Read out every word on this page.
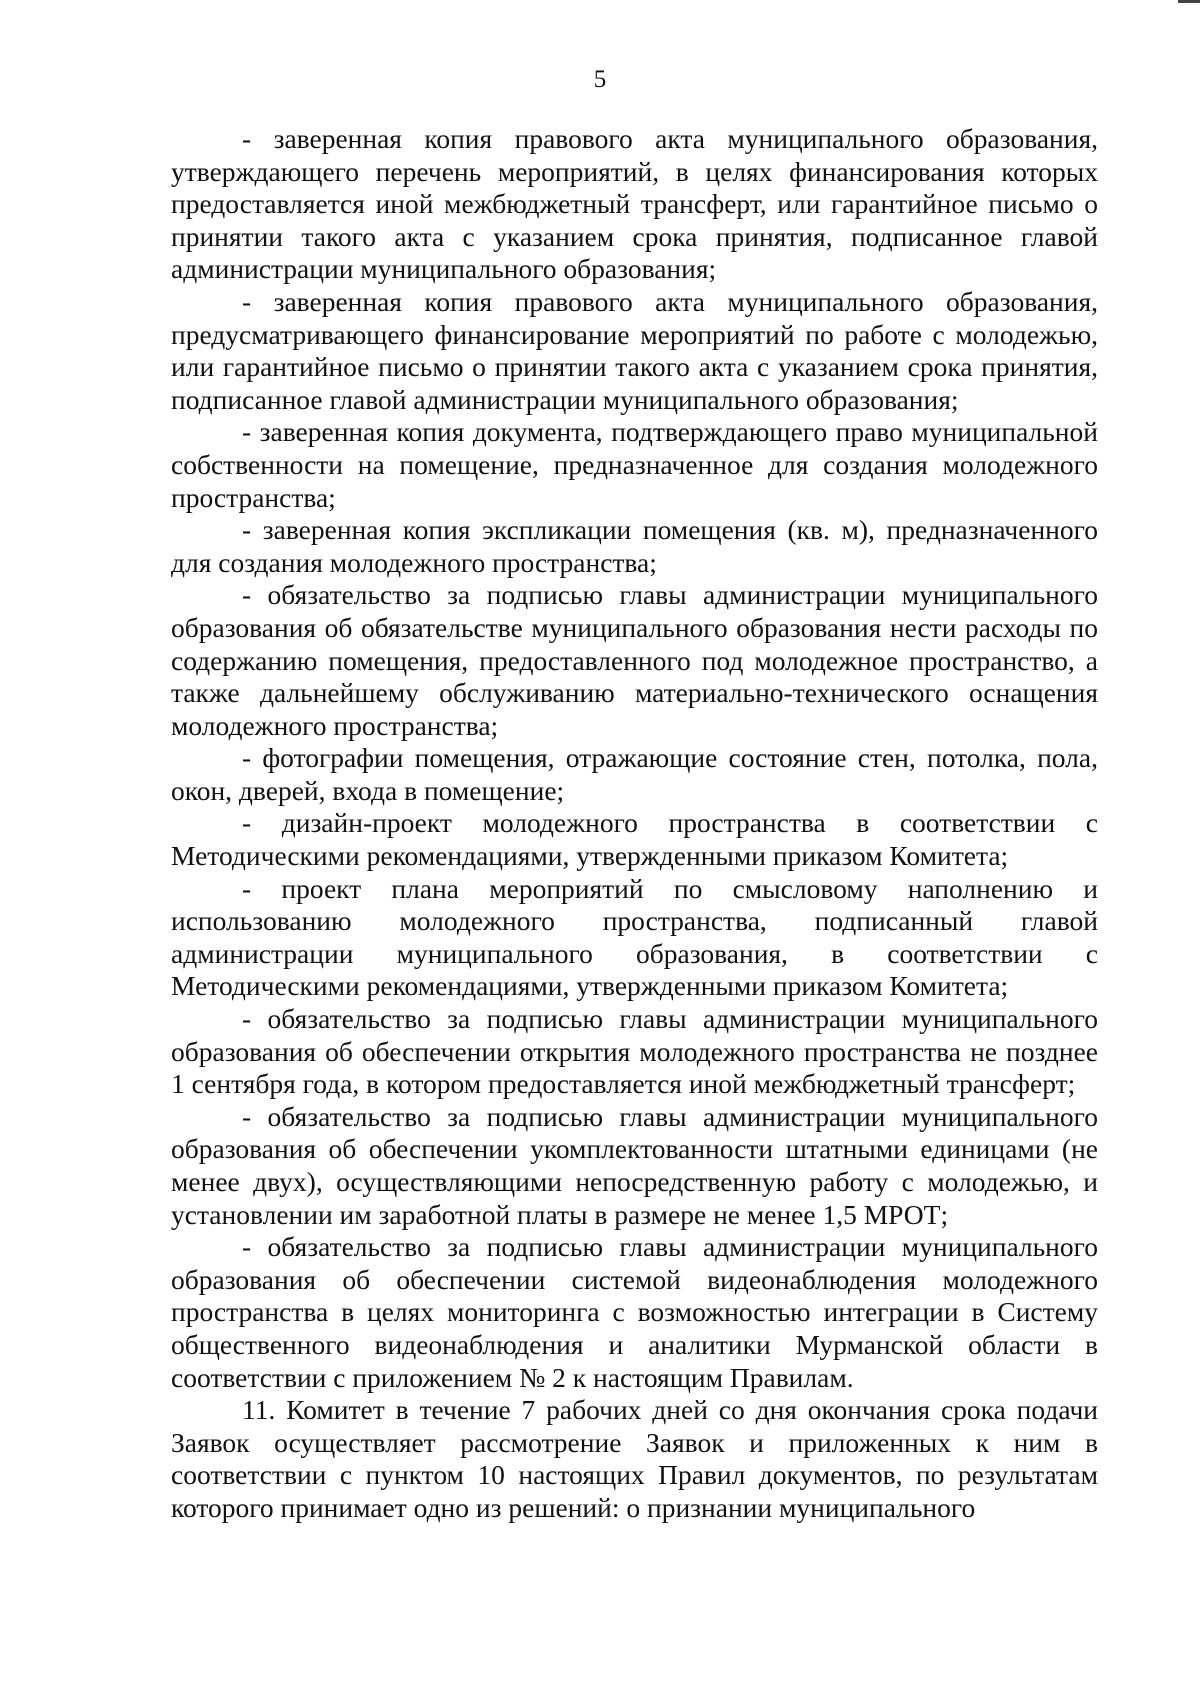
5

- заверенная копия правового акта муниципального образования, утверждающего перечень мероприятий, в целях финансирования которых предоставляется иной межбюджетный трансферт, или гарантийное письмо о принятии такого акта с указанием срока принятия, подписанное главой администрации муниципального образования;

- заверенная копия правового акта муниципального образования, предусматривающего финансирование мероприятий по работе с молодежью, или гарантийное письмо о принятии такого акта с указанием срока принятия, подписанное главой администрации муниципального образования;

- заверенная копия документа, подтверждающего право муниципальной собственности на помещение, предназначенное для создания молодежного пространства;

- заверенная копия экспликации помещения (кв. м), предназначенного для создания молодежного пространства;

- обязательство за подписью главы администрации муниципального образования об обязательстве муниципального образования нести расходы по содержанию помещения, предоставленного под молодежное пространство, а также дальнейшему обслуживанию материально-технического оснащения молодежного пространства;

- фотографии помещения, отражающие состояние стен, потолка, пола, окон, дверей, входа в помещение;

- дизайн-проект молодежного пространства в соответствии с Методическими рекомендациями, утвержденными приказом Комитета;

- проект плана мероприятий по смысловому наполнению и использованию молодежного пространства, подписанный главой администрации муниципального образования, в соответствии с Методическими рекомендациями, утвержденными приказом Комитета;

- обязательство за подписью главы администрации муниципального образования об обеспечении открытия молодежного пространства не позднее 1 сентября года, в котором предоставляется иной межбюджетный трансферт;

- обязательство за подписью главы администрации муниципального образования об обеспечении укомплектованности штатными единицами (не менее двух), осуществляющими непосредственную работу с молодежью, и установлении им заработной платы в размере не менее 1,5 МРОТ;

- обязательство за подписью главы администрации муниципального образования об обеспечении системой видеонаблюдения молодежного пространства в целях мониторинга с возможностью интеграции в Систему общественного видеонаблюдения и аналитики Мурманской области в соответствии с приложением № 2 к настоящим Правилам.

11. Комитет в течение 7 рабочих дней со дня окончания срока подачи Заявок осуществляет рассмотрение Заявок и приложенных к ним в соответствии с пунктом 10 настоящих Правил документов, по результатам которого принимает одно из решений: о признании муниципального
